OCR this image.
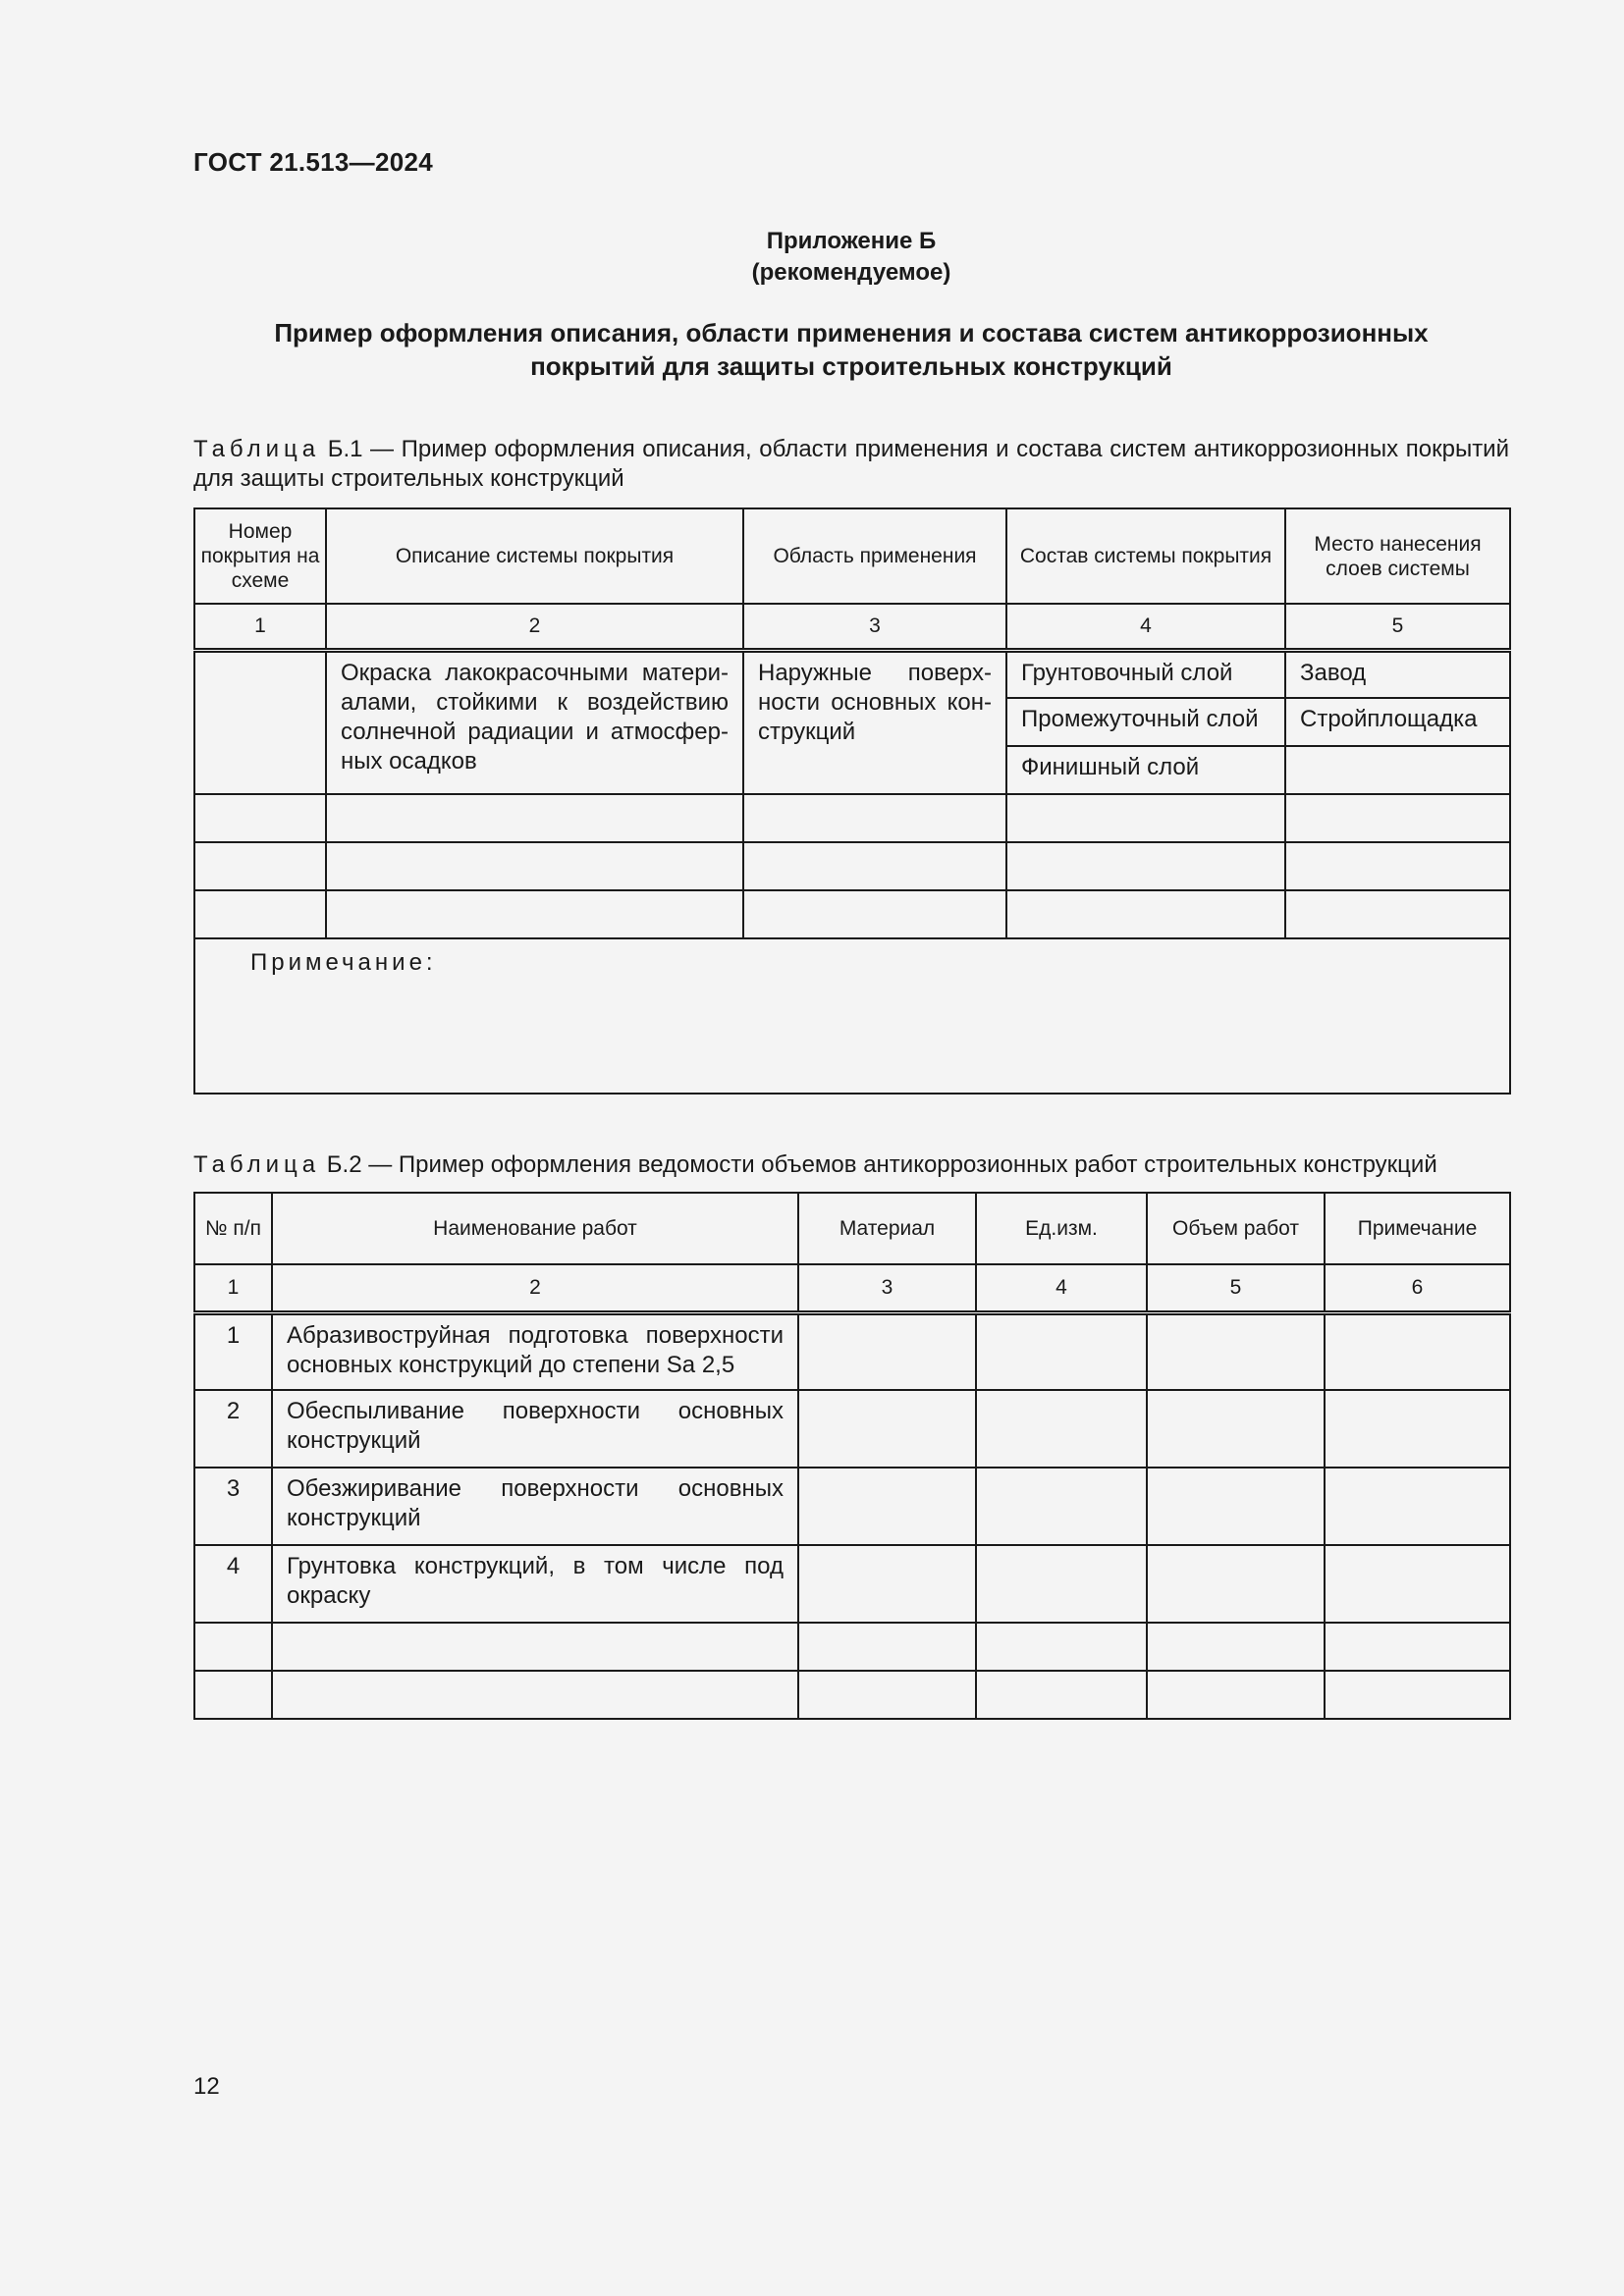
ГОСТ 21.513—2024
Приложение Б
(рекомендуемое)
Пример оформления описания, области применения и состава систем антикоррозионных
покрытий для защиты строительных конструкций
Таблица Б.1 — Пример оформления описания, области применения и состава систем антикоррозионных покрытий для защиты строительных конструкций
Номер покрытия на схеме	Описание системы покрытия	Область применения	Состав системы покрытия	Место нанесения слоев системы
1	2	3	4	5

	Окраска лакокрасочными материалами, стойкими к воздействию солнечной радиации и атмосферных осадков	Наружные поверхности основных конструкций	Грунтовочный слой	Завод

			Промежуточный слой	Стройплощадка

			Финишный слой	

Примечание:				
Таблица Б.2 — Пример оформления ведомости объемов антикоррозионных работ строительных конструкций
№ п/п	Наименование работ	Материал	Ед.изм.	Объем работ	Примечание
1	2	3	4	5	6

1	Абразивоструйная подготовка поверхности основных конструкций до степени Sa 2,5				

2	Обеспыливание поверхности основных конструкций				

3	Обезжиривание поверхности основных конструкций				

4	Грунтовка конструкций, в том числе под окраску				

12
